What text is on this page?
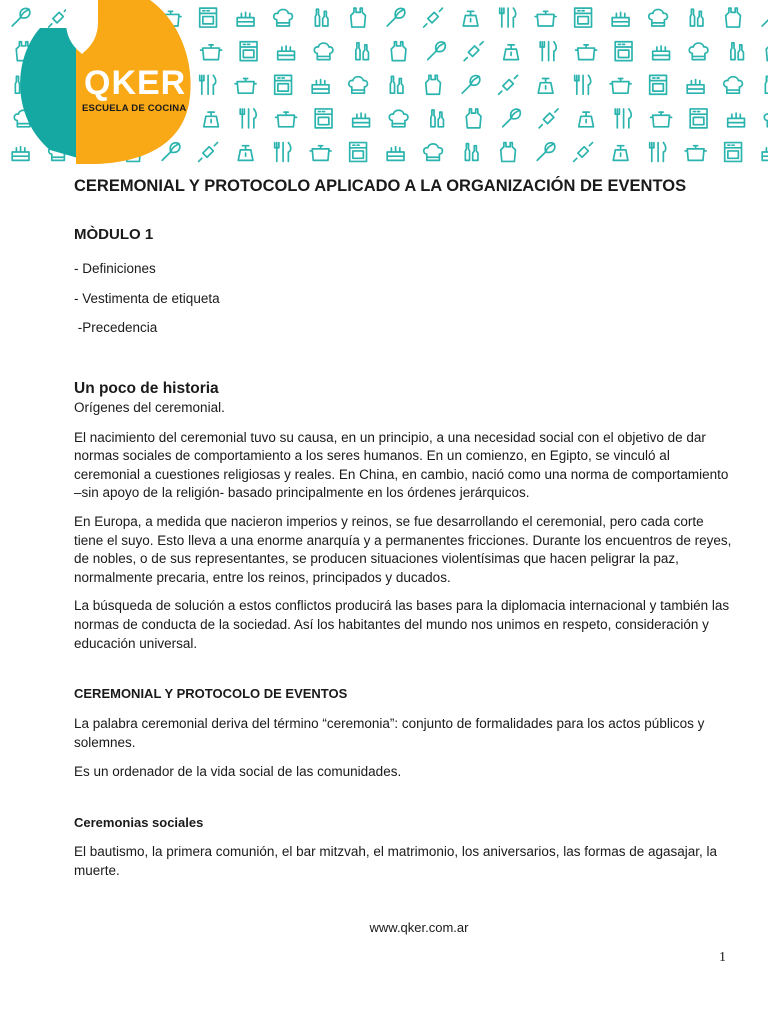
QKER
ESCUELA DE COCINA
CEREMONIAL Y PROTOCOLO APLICADO A LA ORGANIZACIÓN DE EVENTOS
MÒDULO 1
- Definiciones
- Vestimenta de etiqueta
-Precedencia
Un poco de historia

Orígenes del ceremonial.

El nacimiento del ceremonial tuvo su causa, en un principio, a una necesidad social con el objetivo de dar normas sociales de comportamiento a los seres humanos. En un comienzo, en Egipto, se vinculó al ceremonial a cuestiones religiosas y reales. En China, en cambio, nació como una norma de comportamiento –sin apoyo de la religión- basado principalmente en los órdenes jerárquicos.

En Europa, a medida que nacieron imperios y reinos, se fue desarrollando el ceremonial, pero cada corte tiene el suyo. Esto lleva a una enorme anarquía y a permanentes fricciones. Durante los encuentros de reyes, de nobles, o de sus representantes, se producen situaciones violentísimas que hacen peligrar la paz, normalmente precaria, entre los reinos, principados y ducados.

La búsqueda de solución a estos conflictos producirá las bases para la diplomacia internacional y también las normas de conducta de la sociedad. Así los habitantes del mundo nos unimos en respeto, consideración y educación universal.

CEREMONIAL Y PROTOCOLO DE EVENTOS

La palabra ceremonial deriva del término “ceremonia”: conjunto de formalidades para los actos públicos y solemnes.

Es un ordenador de la vida social de las comunidades.

Ceremonias sociales

El bautismo, la primera comunión, el bar mitzvah, el matrimonio, los aniversarios, las formas de agasajar, la muerte.

www.qker.com.ar
1
